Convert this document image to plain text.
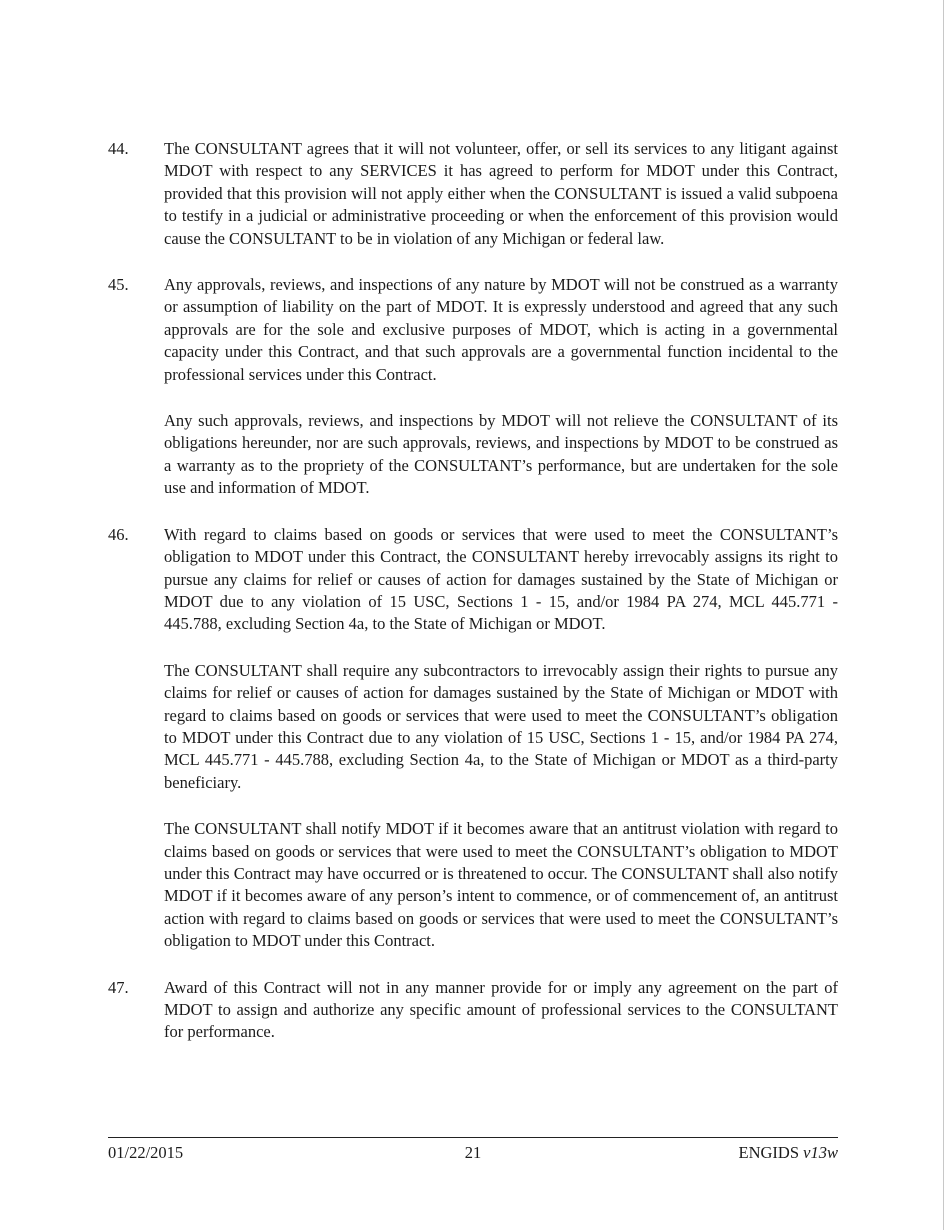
44.	The CONSULTANT agrees that it will not volunteer, offer, or sell its services to any litigant against MDOT with respect to any SERVICES it has agreed to perform for MDOT under this Contract, provided that this provision will not apply either when the CONSULTANT is issued a valid subpoena to testify in a judicial or administrative proceeding or when the enforcement of this provision would cause the CONSULTANT to be in violation of any Michigan or federal law.

45.	Any approvals, reviews, and inspections of any nature by MDOT will not be construed as a warranty or assumption of liability on the part of MDOT. It is expressly understood and agreed that any such approvals are for the sole and exclusive purposes of MDOT, which is acting in a governmental capacity under this Contract, and that such approvals are a governmental function incidental to the professional services under this Contract.

Any such approvals, reviews, and inspections by MDOT will not relieve the CONSULTANT of its obligations hereunder, nor are such approvals, reviews, and inspections by MDOT to be construed as a warranty as to the propriety of the CONSULTANT’s performance, but are undertaken for the sole use and information of MDOT.

46.	With regard to claims based on goods or services that were used to meet the CONSULTANT’s obligation to MDOT under this Contract, the CONSULTANT hereby irrevocably assigns its right to pursue any claims for relief or causes of action for damages sustained by the State of Michigan or MDOT due to any violation of 15 USC, Sections 1 - 15, and/or 1984 PA 274, MCL 445.771 - 445.788, excluding Section 4a, to the State of Michigan or MDOT.

The CONSULTANT shall require any subcontractors to irrevocably assign their rights to pursue any claims for relief or causes of action for damages sustained by the State of Michigan or MDOT with regard to claims based on goods or services that were used to meet the CONSULTANT’s obligation to MDOT under this Contract due to any violation of 15 USC, Sections 1 - 15, and/or 1984 PA 274, MCL 445.771 - 445.788, excluding Section 4a, to the State of Michigan or MDOT as a third-party beneficiary.

The CONSULTANT shall notify MDOT if it becomes aware that an antitrust violation with regard to claims based on goods or services that were used to meet the CONSULTANT’s obligation to MDOT under this Contract may have occurred or is threatened to occur. The CONSULTANT shall also notify MDOT if it becomes aware of any person’s intent to commence, or of commencement of, an antitrust action with regard to claims based on goods or services that were used to meet the CONSULTANT’s obligation to MDOT under this Contract.

47.	Award of this Contract will not in any manner provide for or imply any agreement on the part of MDOT to assign and authorize any specific amount of professional services to the CONSULTANT for performance.

01/22/2015	21	ENGIDS v13w
